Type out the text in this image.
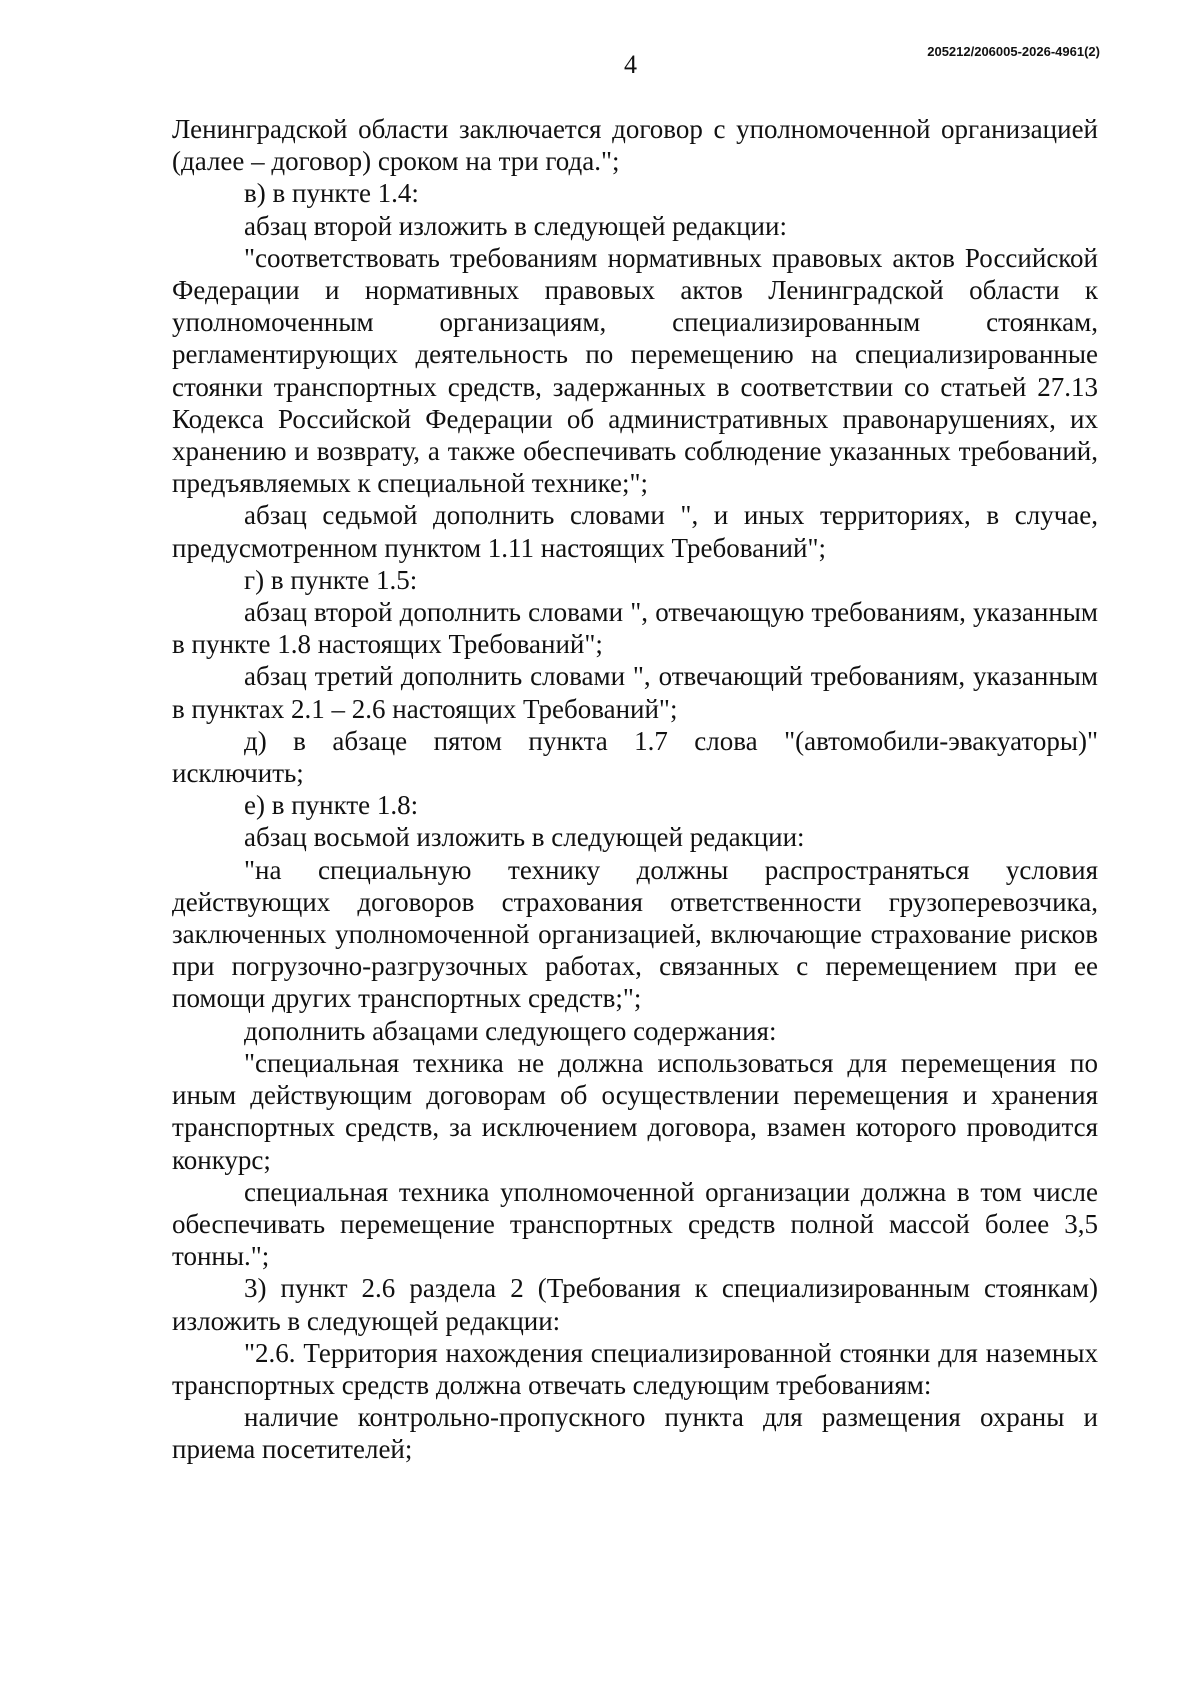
4	205212/206005-2026-4961(2)

Ленинградской области заключается договор с уполномоченной организацией (далее – договор) сроком на три года.";

в) в пункте 1.4:

абзац второй изложить в следующей редакции:

"соответствовать требованиям нормативных правовых актов Российской Федерации и нормативных правовых актов Ленинградской области к уполномоченным организациям, специализированным стоянкам, регламентирующих деятельность по перемещению на специализированные стоянки транспортных средств, задержанных в соответствии со статьей 27.13 Кодекса Российской Федерации об административных правонарушениях, их хранению и возврату, а также обеспечивать соблюдение указанных требований, предъявляемых к специальной технике;";

абзац седьмой дополнить словами ", и иных территориях, в случае, предусмотренном пунктом 1.11 настоящих Требований";

г) в пункте 1.5:

абзац второй дополнить словами ", отвечающую требованиям, указанным в пункте 1.8 настоящих Требований";

абзац третий дополнить словами ", отвечающий требованиям, указанным в пунктах 2.1 – 2.6 настоящих Требований";

д) в абзаце пятом пункта 1.7 слова "(автомобили-эвакуаторы)" исключить;

е) в пункте 1.8:

абзац восьмой изложить в следующей редакции:

"на специальную технику должны распространяться условия действующих договоров страхования ответственности грузоперевозчика, заключенных уполномоченной организацией, включающие страхование рисков при погрузочно-разгрузочных работах, связанных с перемещением при ее помощи других транспортных средств;";

дополнить абзацами следующего содержания:

"специальная техника не должна использоваться для перемещения по иным действующим договорам об осуществлении перемещения и хранения транспортных средств, за исключением договора, взамен которого проводится конкурс;

специальная техника уполномоченной организации должна в том числе обеспечивать перемещение транспортных средств полной массой более 3,5 тонны.";

3) пункт 2.6 раздела 2 (Требования к специализированным стоянкам) изложить в следующей редакции:

"2.6. Территория нахождения специализированной стоянки для наземных транспортных средств должна отвечать следующим требованиям:

наличие контрольно-пропускного пункта для размещения охраны и приема посетителей;
